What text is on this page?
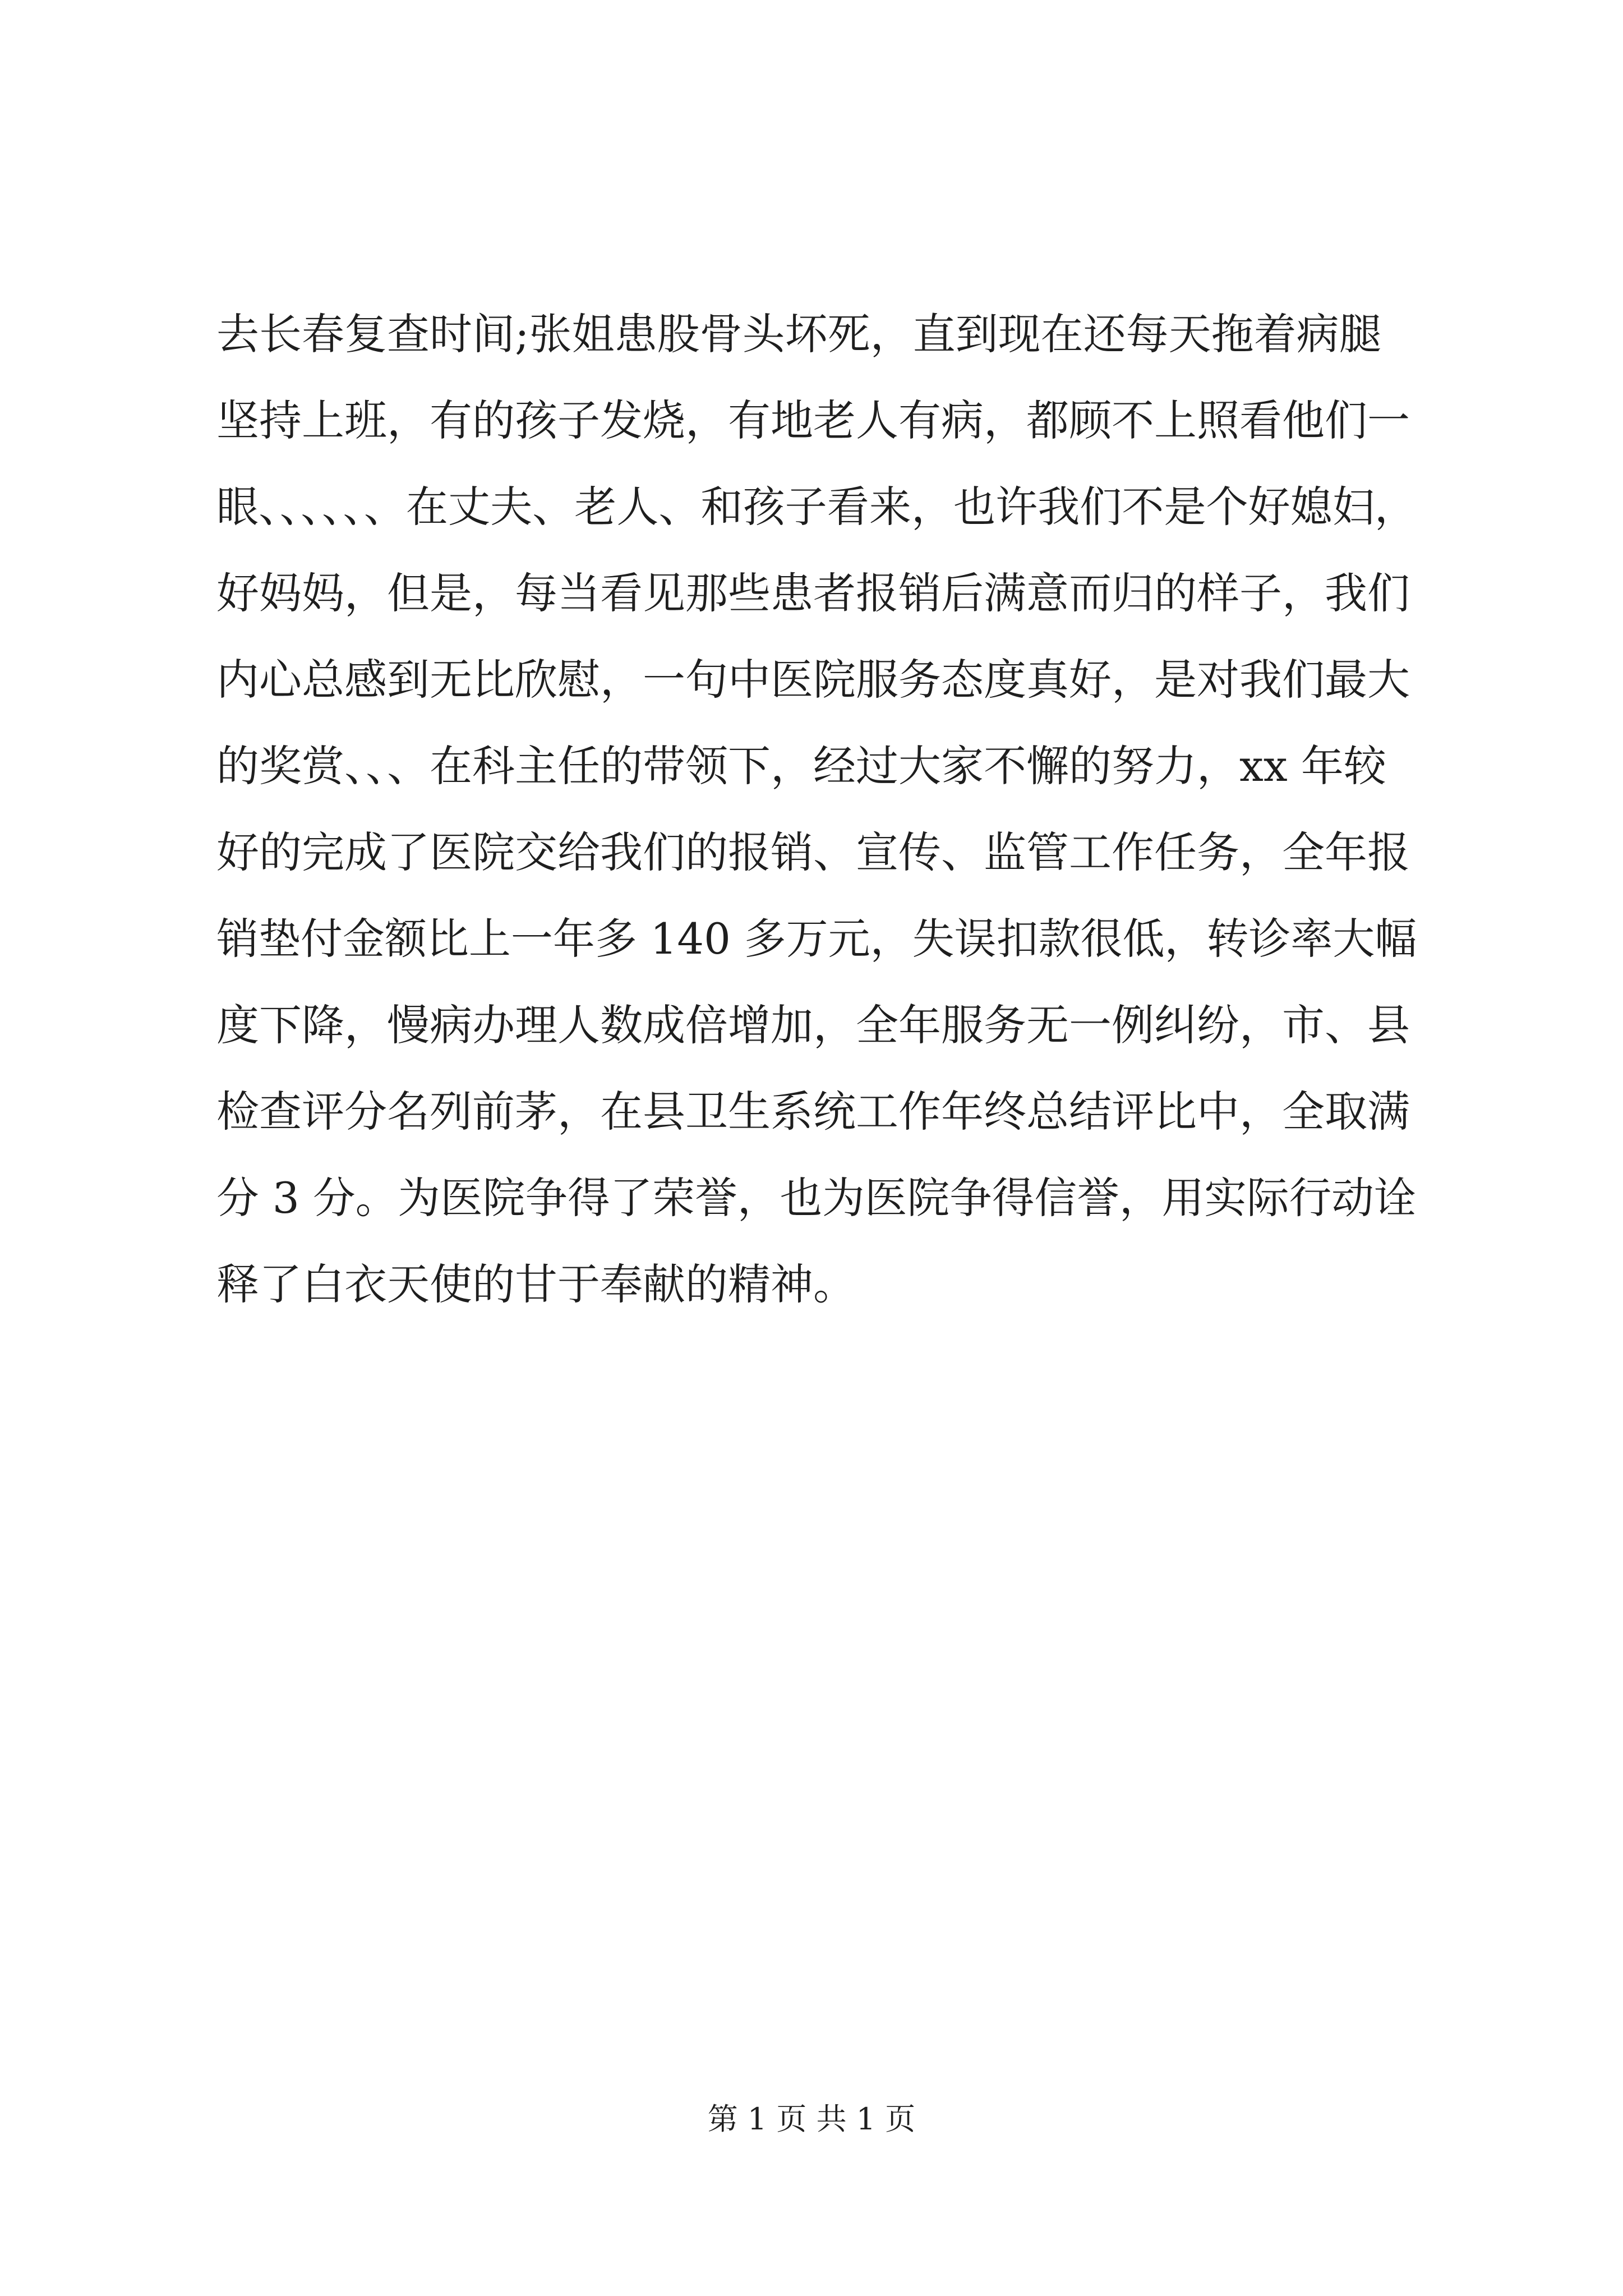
去长春复查时间;张姐患股骨头坏死，直到现在还每天拖着病腿
坚持上班，有的孩子发烧，有地老人有病，都顾不上照看他们一
眼、、、、、、在丈夫、老人、和孩子看来，也许我们不是个好媳妇，
好妈妈，但是，每当看见那些患者报销后满意而归的样子，我们
内心总感到无比欣慰，一句中医院服务态度真好，是对我们最大
的奖赏、、、在科主任的带领下，经过大家不懈的努力，xx 年较
好的完成了医院交给我们的报销、宣传、监管工作任务，全年报
销垫付金额比上一年多 140 多万元，失误扣款很低，转诊率大幅
度下降，慢病办理人数成倍增加，全年服务无一例纠纷，市、县
检查评分名列前茅，在县卫生系统工作年终总结评比中，全取满
分 3 分。为医院争得了荣誉，也为医院争得信誉，用实际行动诠
释了白衣天使的甘于奉献的精神。
第 1 页 共 1 页
